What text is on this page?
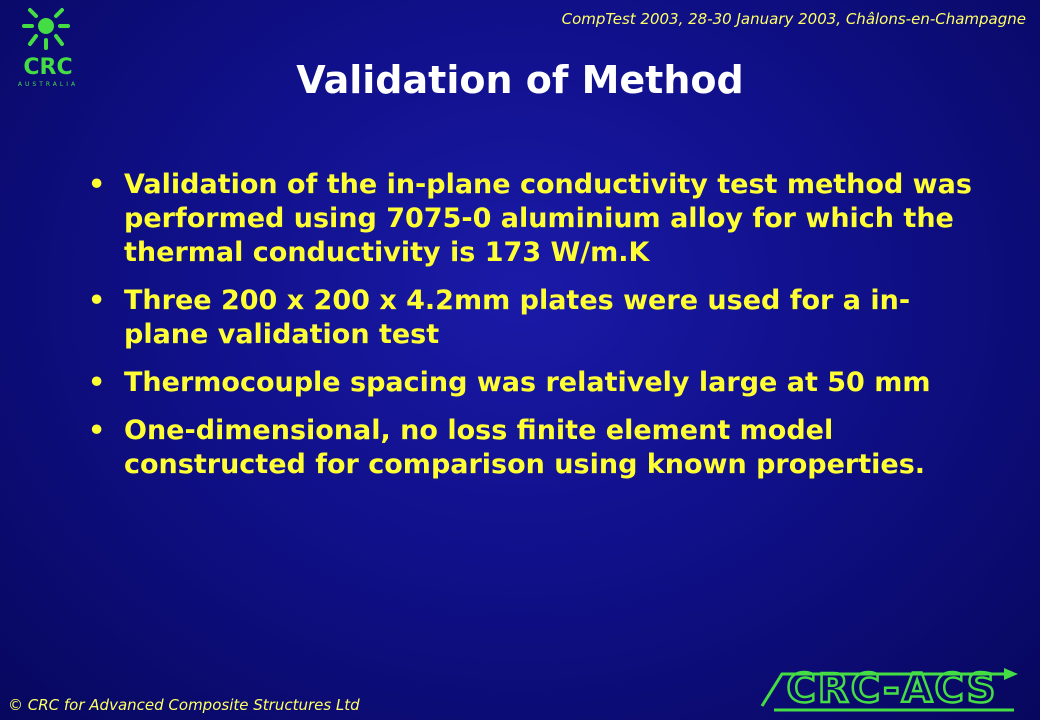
CompTest 2003, 28-30 January 2003, Châlons-en-Champagne
CRC
AUSTRALIA	Validation of Method
• Validation of the in-plane conductivity test method was performed using 7075-0 aluminium alloy for which the thermal conductivity is 173 W/m.K
• Three 200 x 200 x 4.2mm plates were used for a in-plane validation test
• Thermocouple spacing was relatively large at 50 mm
• One-dimensional, no loss finite element model constructed for comparison using known properties.
© CRC for Advanced Composite Structures Ltd	CRC-ACS
